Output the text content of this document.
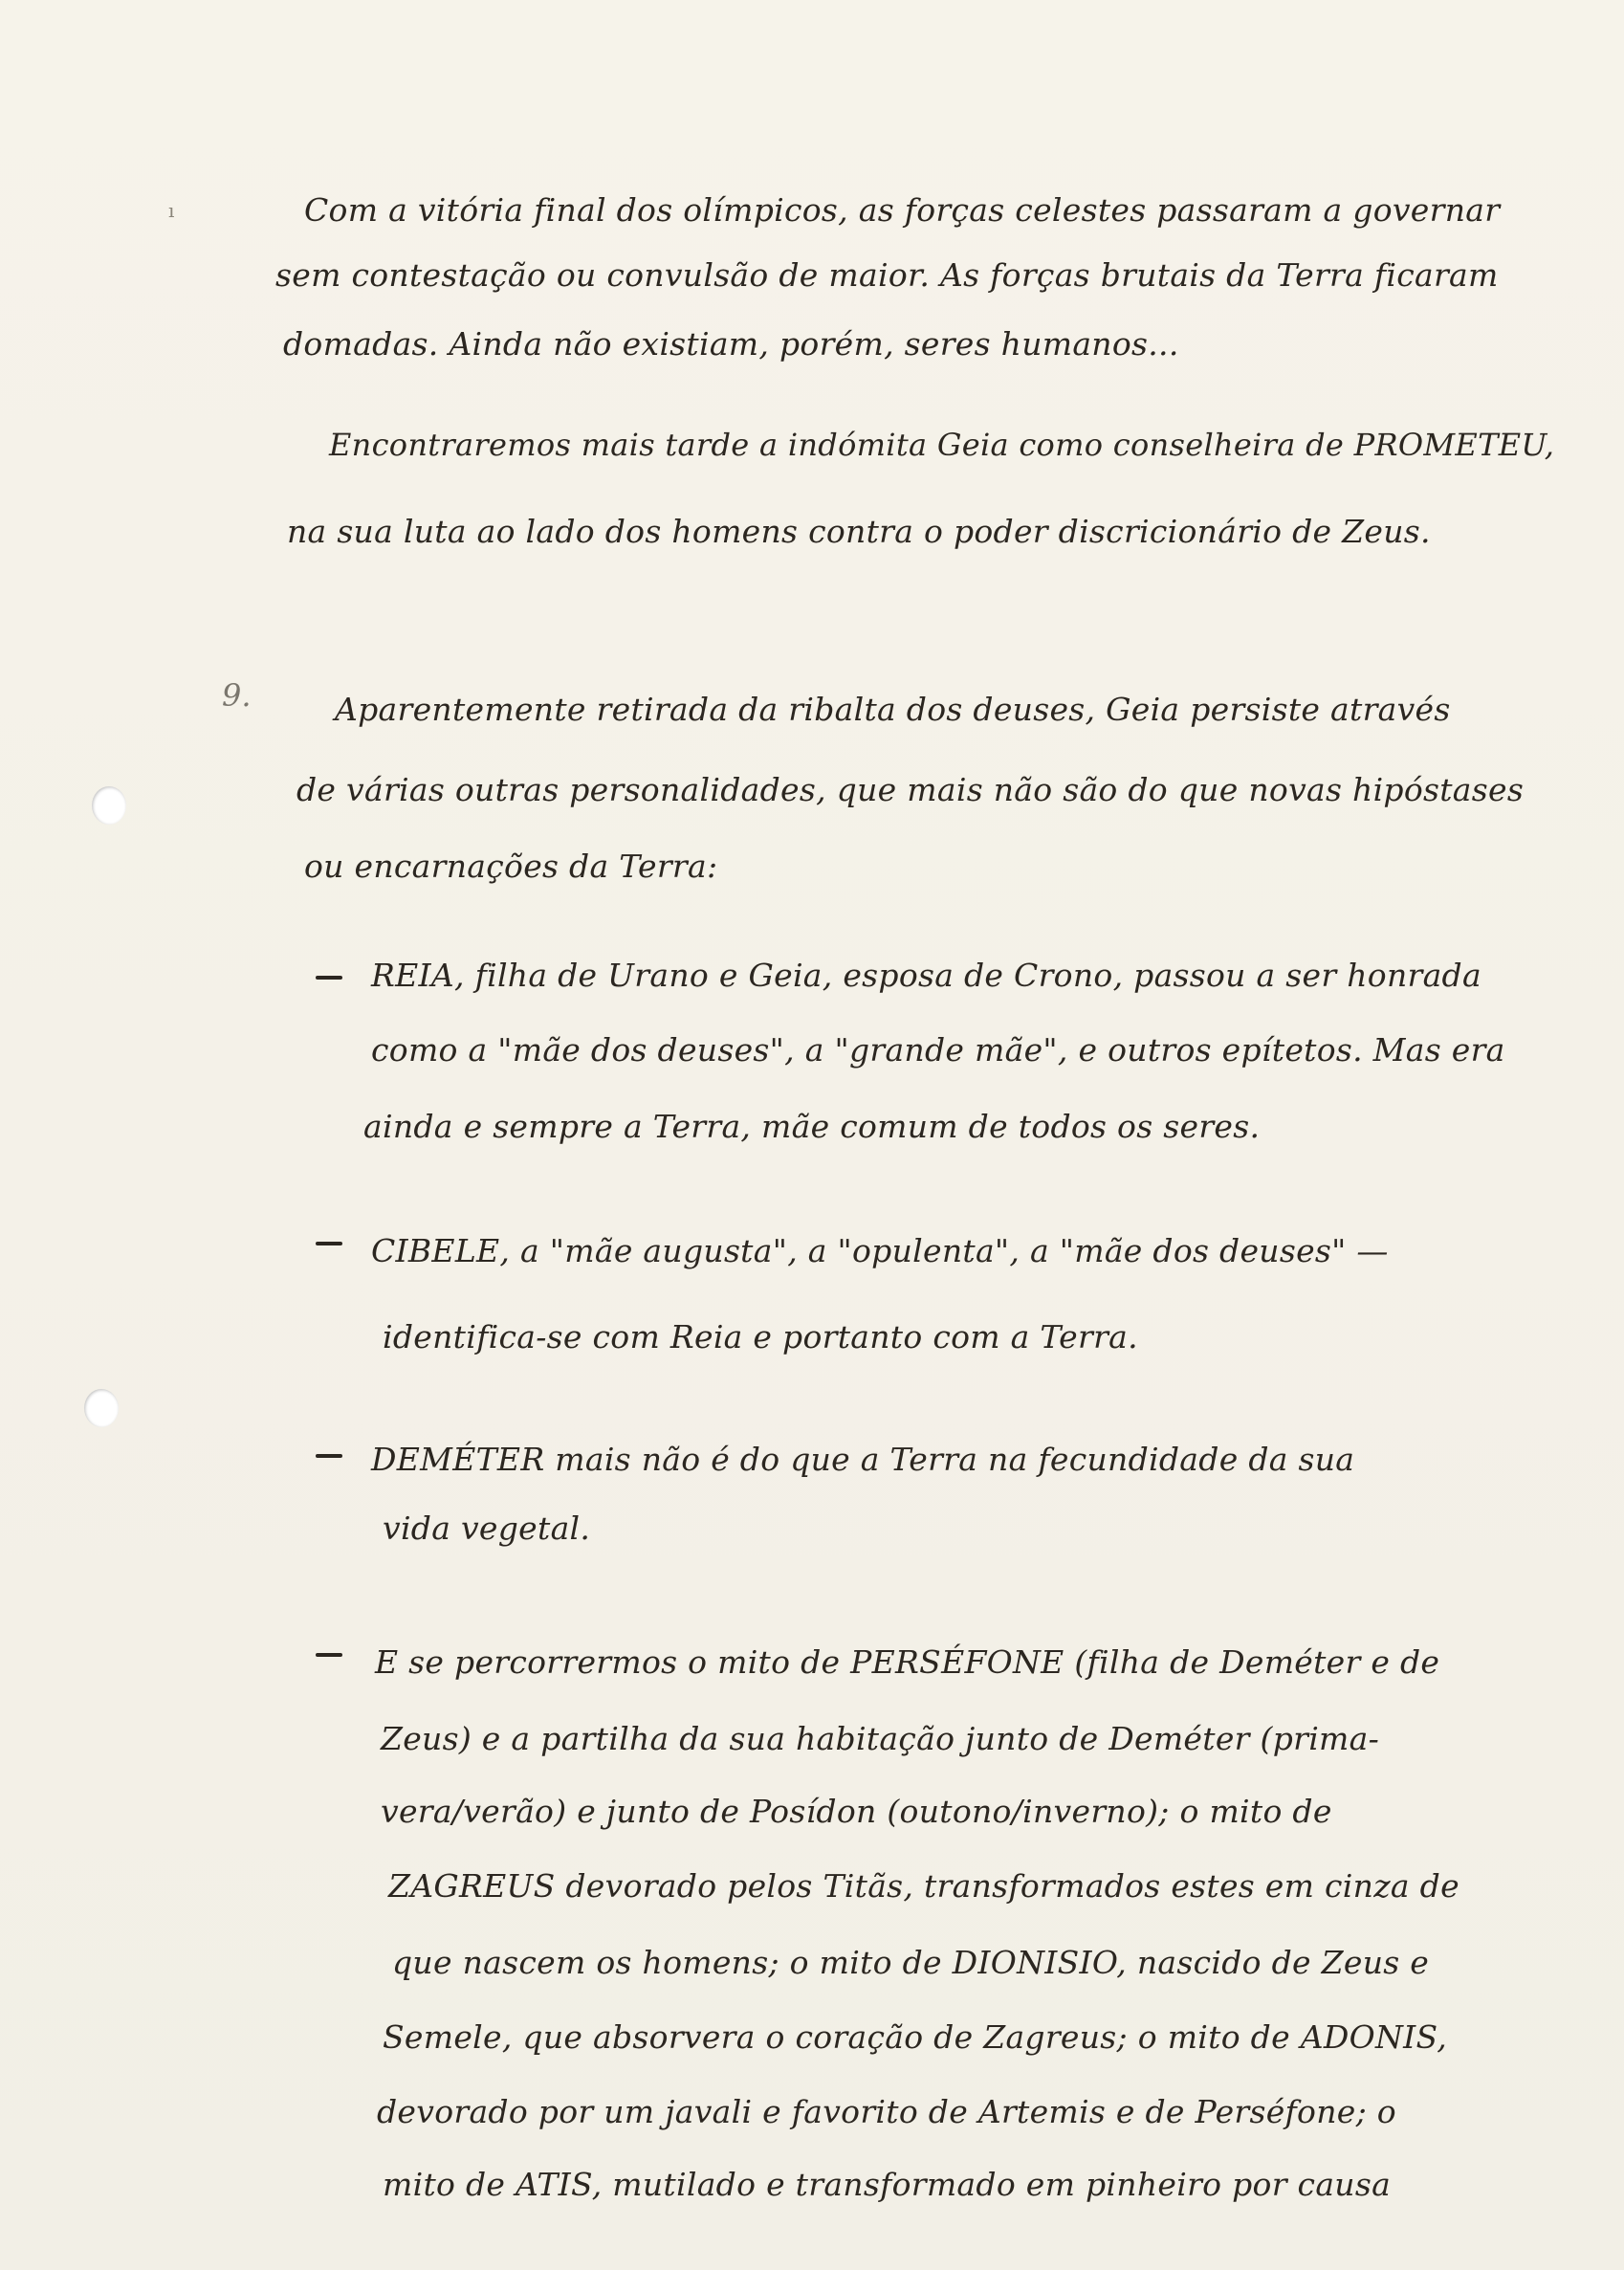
ı
9.
Com a vitória final dos olímpicos, as forças celestes passaram a governar
sem contestação ou convulsão de maior. As forças brutais da Terra ficaram
domadas. Ainda não existiam, porém, seres humanos...
Encontraremos mais tarde a indómita Geia como conselheira de PROMETEU,
na sua luta ao lado dos homens contra o poder discricionário de Zeus.
Aparentemente retirada da ribalta dos deuses, Geia persiste através
de várias outras personalidades, que mais não são do que novas hipóstases
ou encarnações da Terra:
REIA, filha de Urano e Geia, esposa de Crono, passou a ser honrada
como a "mãe dos deuses", a "grande mãe", e outros epítetos. Mas era
ainda e sempre a Terra, mãe comum de todos os seres.
CIBELE, a "mãe augusta", a "opulenta", a "mãe dos deuses" —
identifica-se com Reia e portanto com a Terra.
DEMÉTER mais não é do que a Terra na fecundidade da sua
vida vegetal.
E se percorrermos o mito de PERSÉFONE (filha de Deméter e de
Zeus) e a partilha da sua habitação junto de Deméter (prima-
vera/verão) e junto de Posídon (outono/inverno); o mito de
ZAGREUS devorado pelos Titãs, transformados estes em cinza de
que nascem os homens; o mito de DIONISIO, nascido de Zeus e
Semele, que absorvera o coração de Zagreus; o mito de ADONIS,
devorado por um javali e favorito de Artemis e de Perséfone; o
mito de ATIS, mutilado e transformado em pinheiro por causa
